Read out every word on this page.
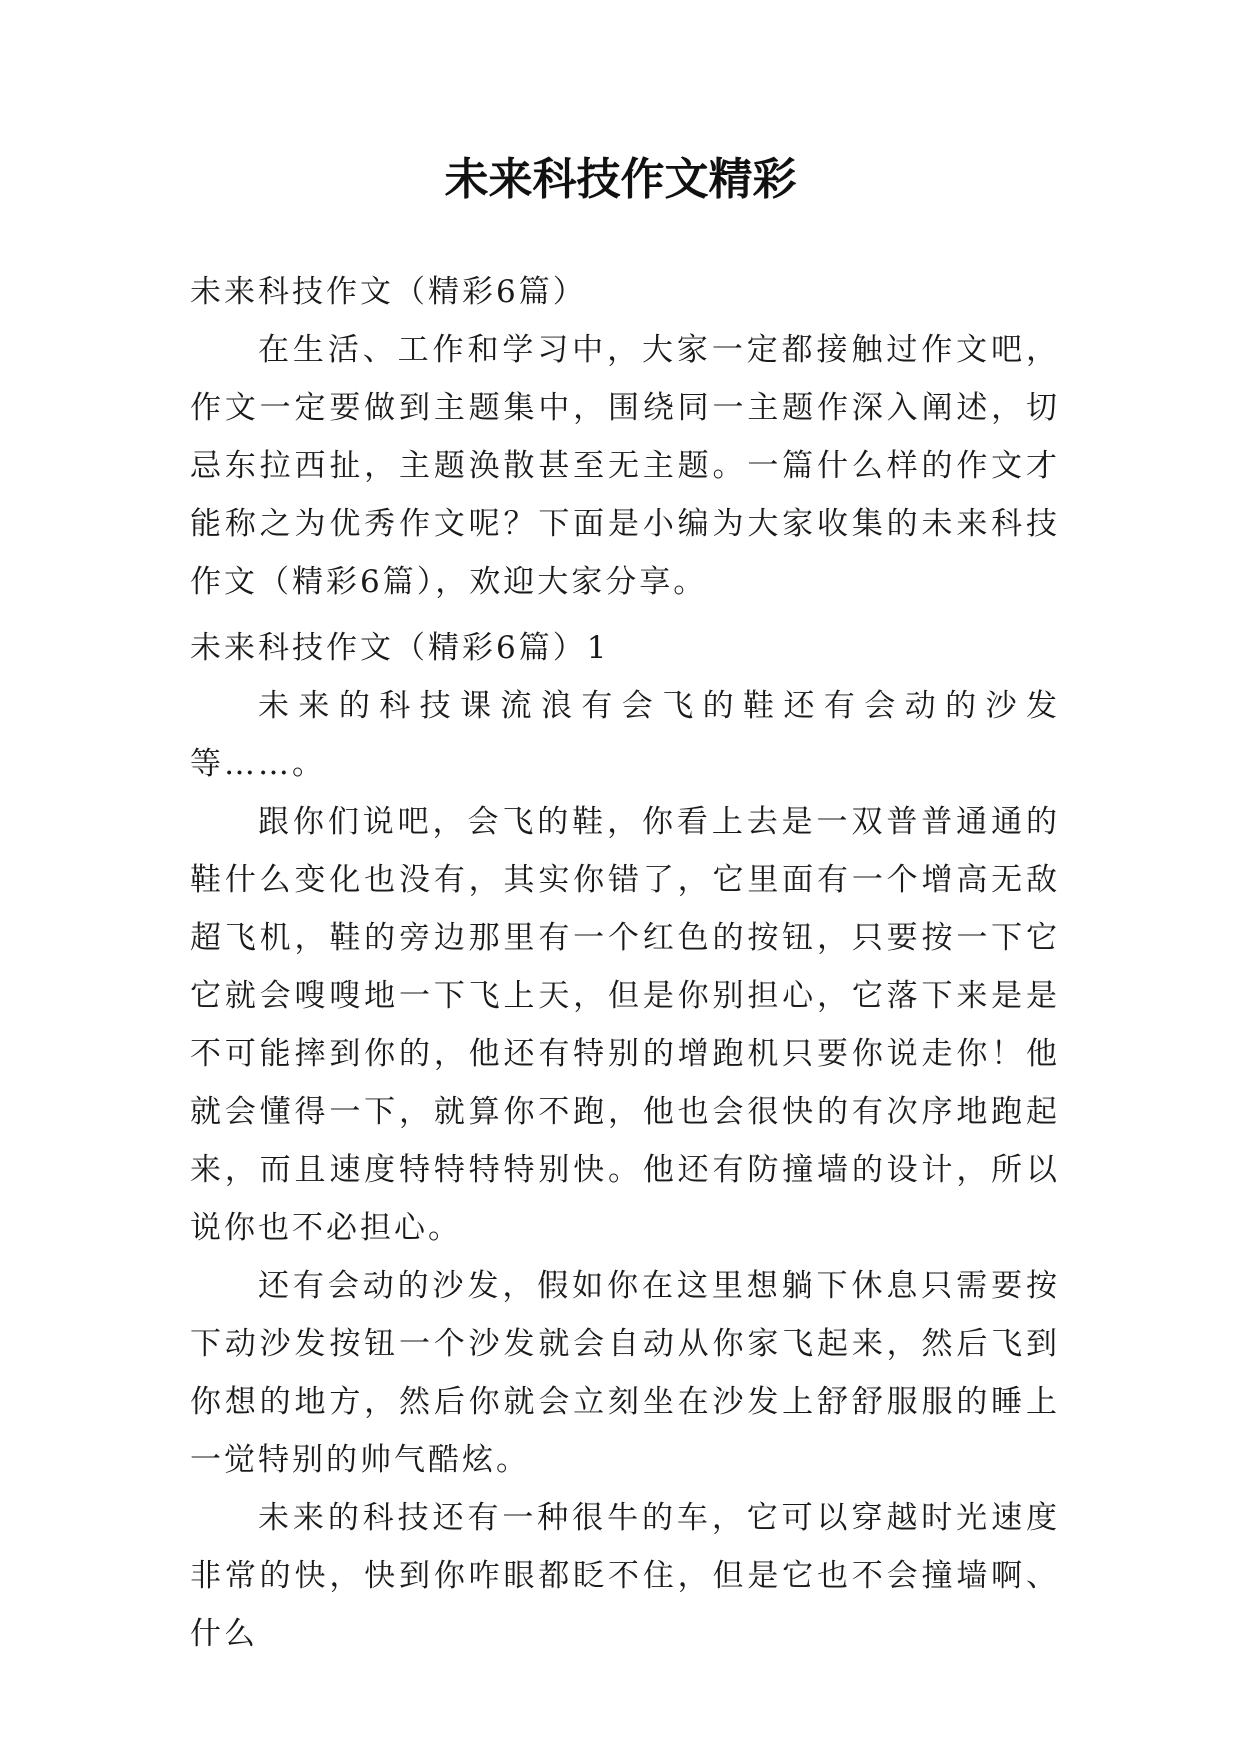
未来科技作文精彩

未来科技作文（精彩6篇）

在生活、工作和学习中，大家一定都接触过作文吧，作文一定要做到主题集中，围绕同一主题作深入阐述，切忌东拉西扯，主题涣散甚至无主题。一篇什么样的作文才能称之为优秀作文呢？下面是小编为大家收集的未来科技作文（精彩6篇），欢迎大家分享。

未来科技作文（精彩6篇）1

未来的科技课流浪有会飞的鞋还有会动的沙发等……。

跟你们说吧，会飞的鞋，你看上去是一双普普通通的鞋什么变化也没有，其实你错了，它里面有一个增高无敌超飞机，鞋的旁边那里有一个红色的按钮，只要按一下它它就会嗖嗖地一下飞上天，但是你别担心，它落下来是是不可能摔到你的，他还有特别的增跑机只要你说走你！他就会懂得一下，就算你不跑，他也会很快的有次序地跑起来，而且速度特特特特别快。他还有防撞墙的设计，所以说你也不必担心。

还有会动的沙发，假如你在这里想躺下休息只需要按下动沙发按钮一个沙发就会自动从你家飞起来，然后飞到你想的地方，然后你就会立刻坐在沙发上舒舒服服的睡上一觉特别的帅气酷炫。

未来的科技还有一种很牛的车，它可以穿越时光速度非常的快，快到你咋眼都眨不住，但是它也不会撞墙啊、什么
